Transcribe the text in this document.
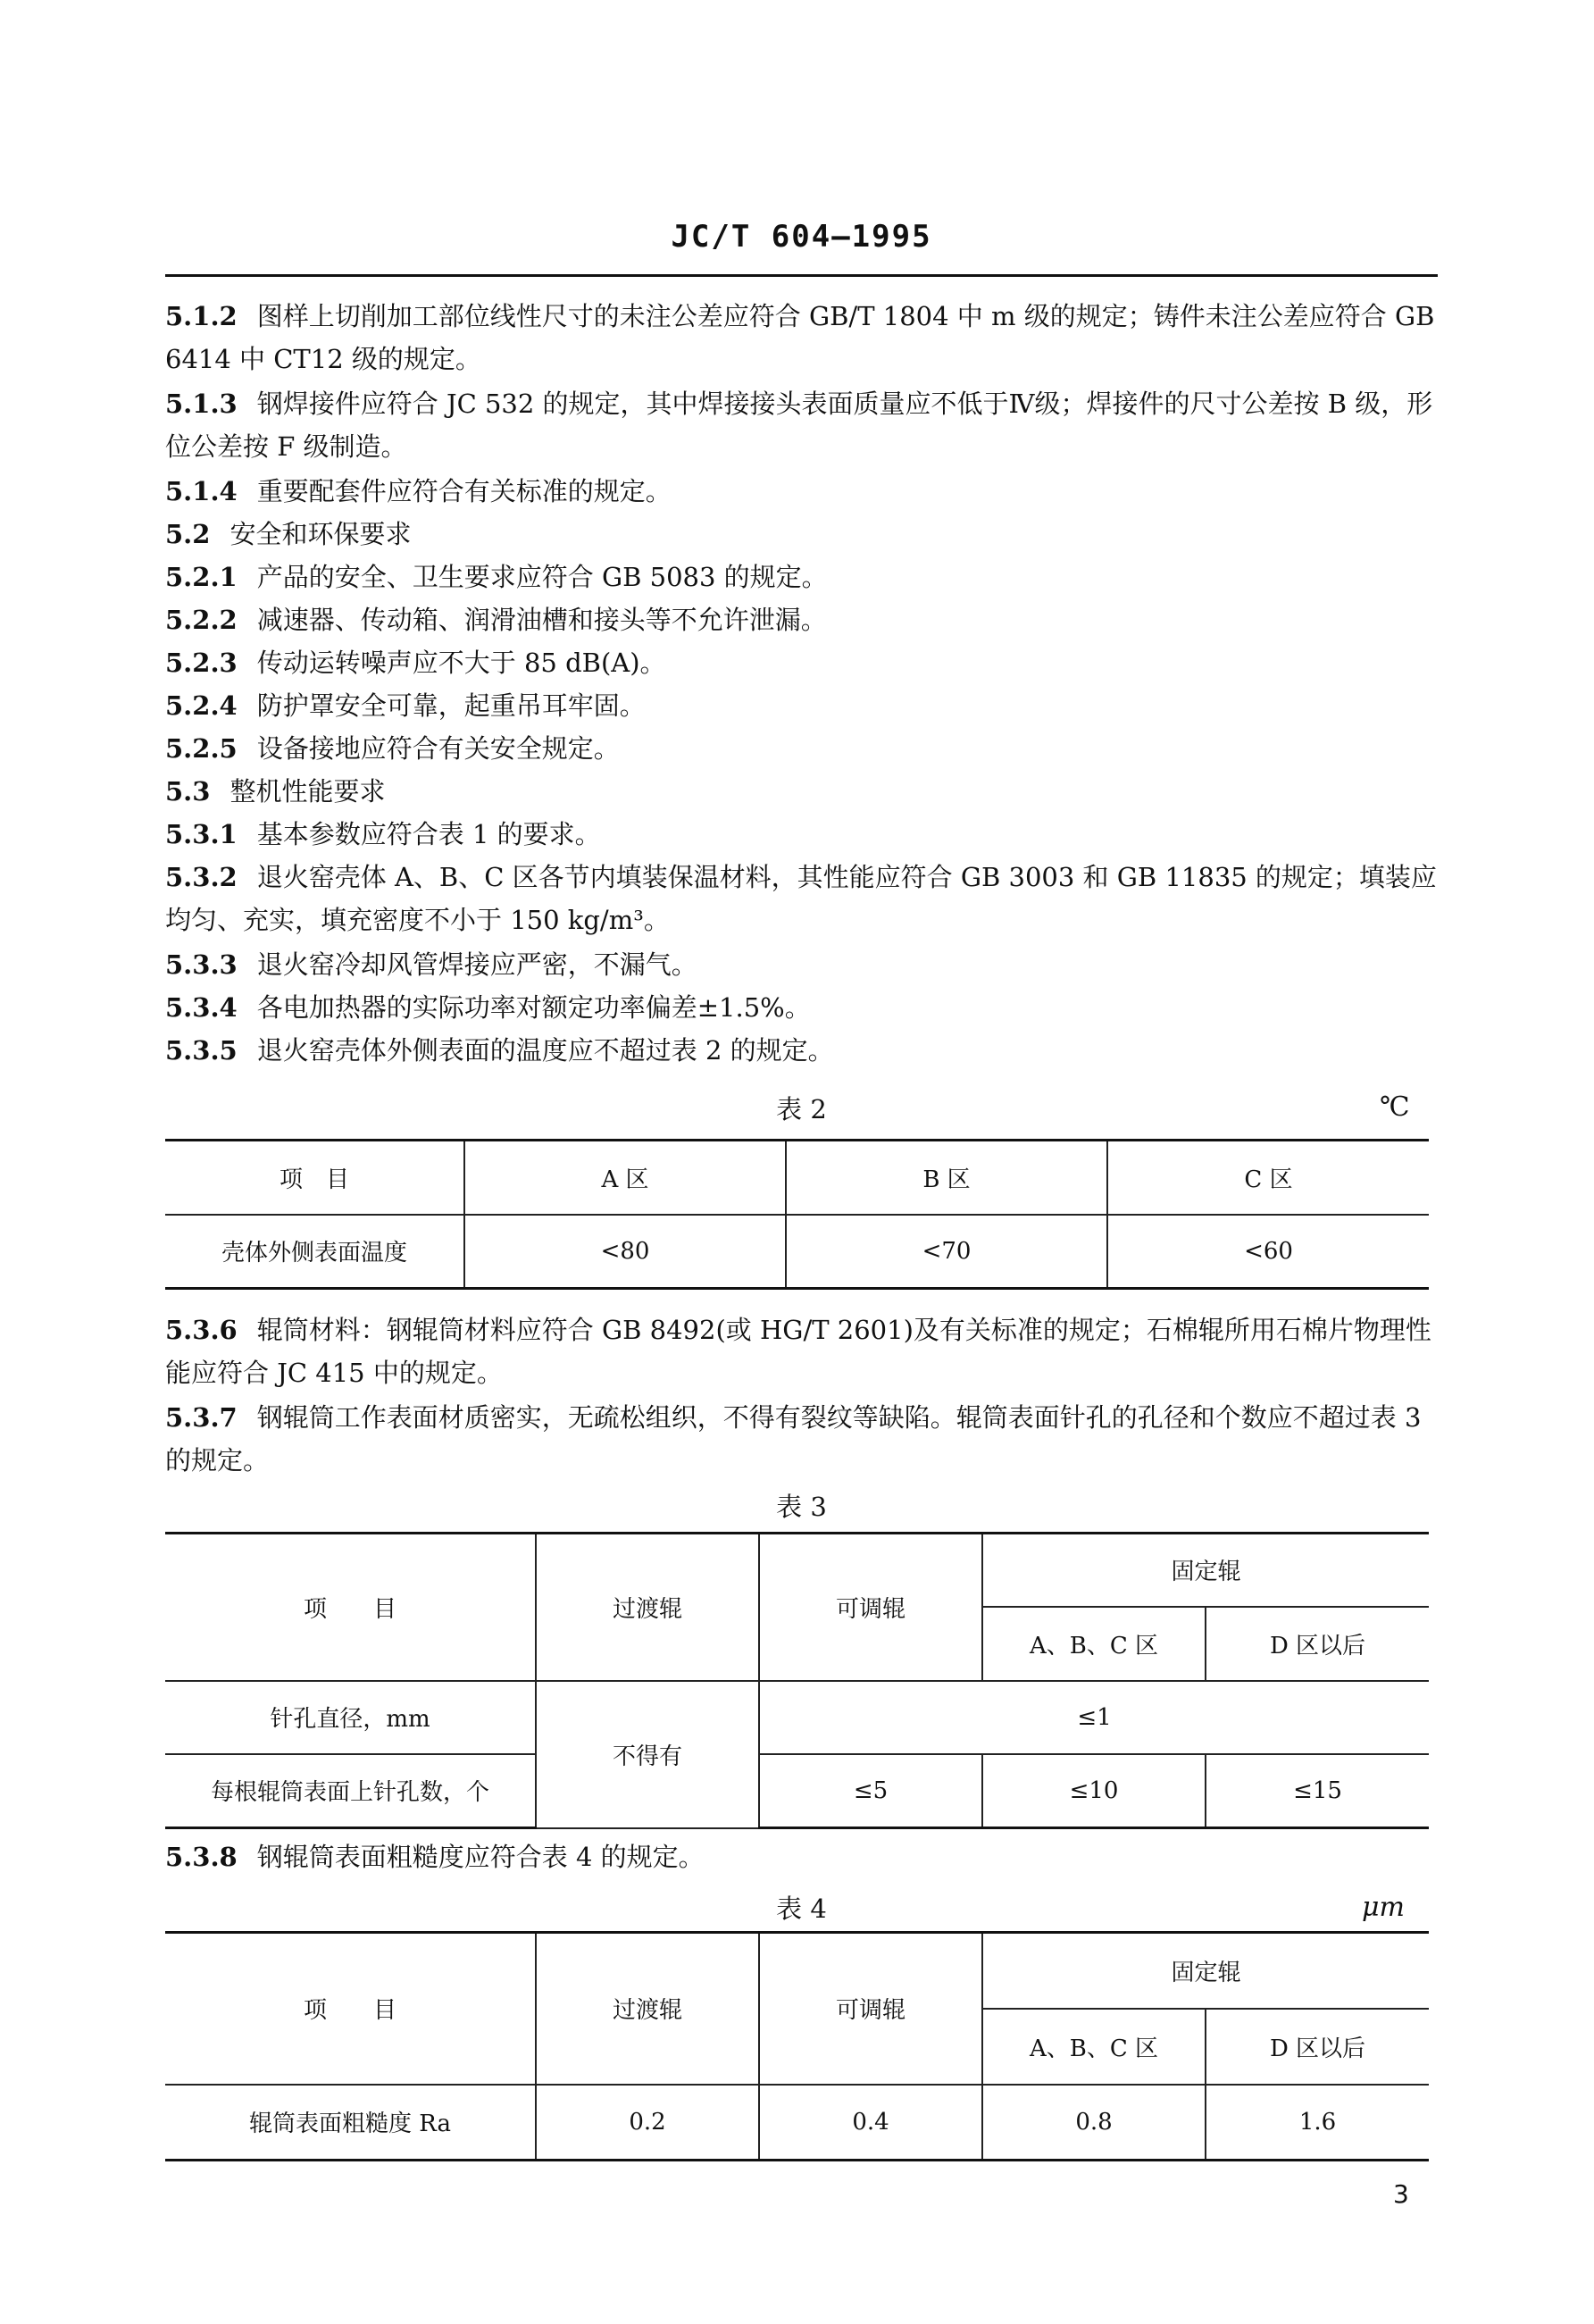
JC/T 604—1995

5.1.2 图样上切削加工部位线性尺寸的未注公差应符合 GB/T 1804 中 m 级的规定；铸件未注公差应符合 GB 6414 中 CT12 级的规定。

5.1.3 钢焊接件应符合 JC 532 的规定，其中焊接接头表面质量应不低于Ⅳ级；焊接件的尺寸公差按 B 级，形位公差按 F 级制造。

5.1.4 重要配套件应符合有关标准的规定。

5.2 安全和环保要求

5.2.1 产品的安全、卫生要求应符合 GB 5083 的规定。

5.2.2 减速器、传动箱、润滑油槽和接头等不允许泄漏。

5.2.3 传动运转噪声应不大于 85 dB(A)。

5.2.4 防护罩安全可靠，起重吊耳牢固。

5.2.5 设备接地应符合有关安全规定。

5.3 整机性能要求

5.3.1 基本参数应符合表 1 的要求。

5.3.2 退火窑壳体 A、B、C 区各节内填装保温材料，其性能应符合 GB 3003 和 GB 11835 的规定；填装应均匀、充实，填充密度不小于 150 kg/m³。

5.3.3 退火窑冷却风管焊接应严密，不漏气。

5.3.4 各电加热器的实际功率对额定功率偏差±1.5%。

5.3.5 退火窑壳体外侧表面的温度应不超过表 2 的规定。

表 2	℃
项　目	A 区	B 区	C 区
壳体外侧表面温度	<80	<70	<60

5.3.6 辊筒材料：钢辊筒材料应符合 GB 8492(或 HG/T 2601)及有关标准的规定；石棉辊所用石棉片物理性能应符合 JC 415 中的规定。

5.3.7 钢辊筒工作表面材质密实，无疏松组织，不得有裂纹等缺陷。辊筒表面针孔的孔径和个数应不超过表 3 的规定。

表 3
项　　目	过渡辊	可调辊	固定辊	
			A、B、C 区	D 区以后
针孔直径，mm	不得有	≤1		
每根辊筒表面上针孔数，个		≤5	≤10	≤15

5.3.8 钢辊筒表面粗糙度应符合表 4 的规定。

表 4	μm
项　　目	过渡辊	可调辊	固定辊	
			A、B、C 区	D 区以后
辊筒表面粗糙度 Ra	0.2	0.4	0.8	1.6
3
